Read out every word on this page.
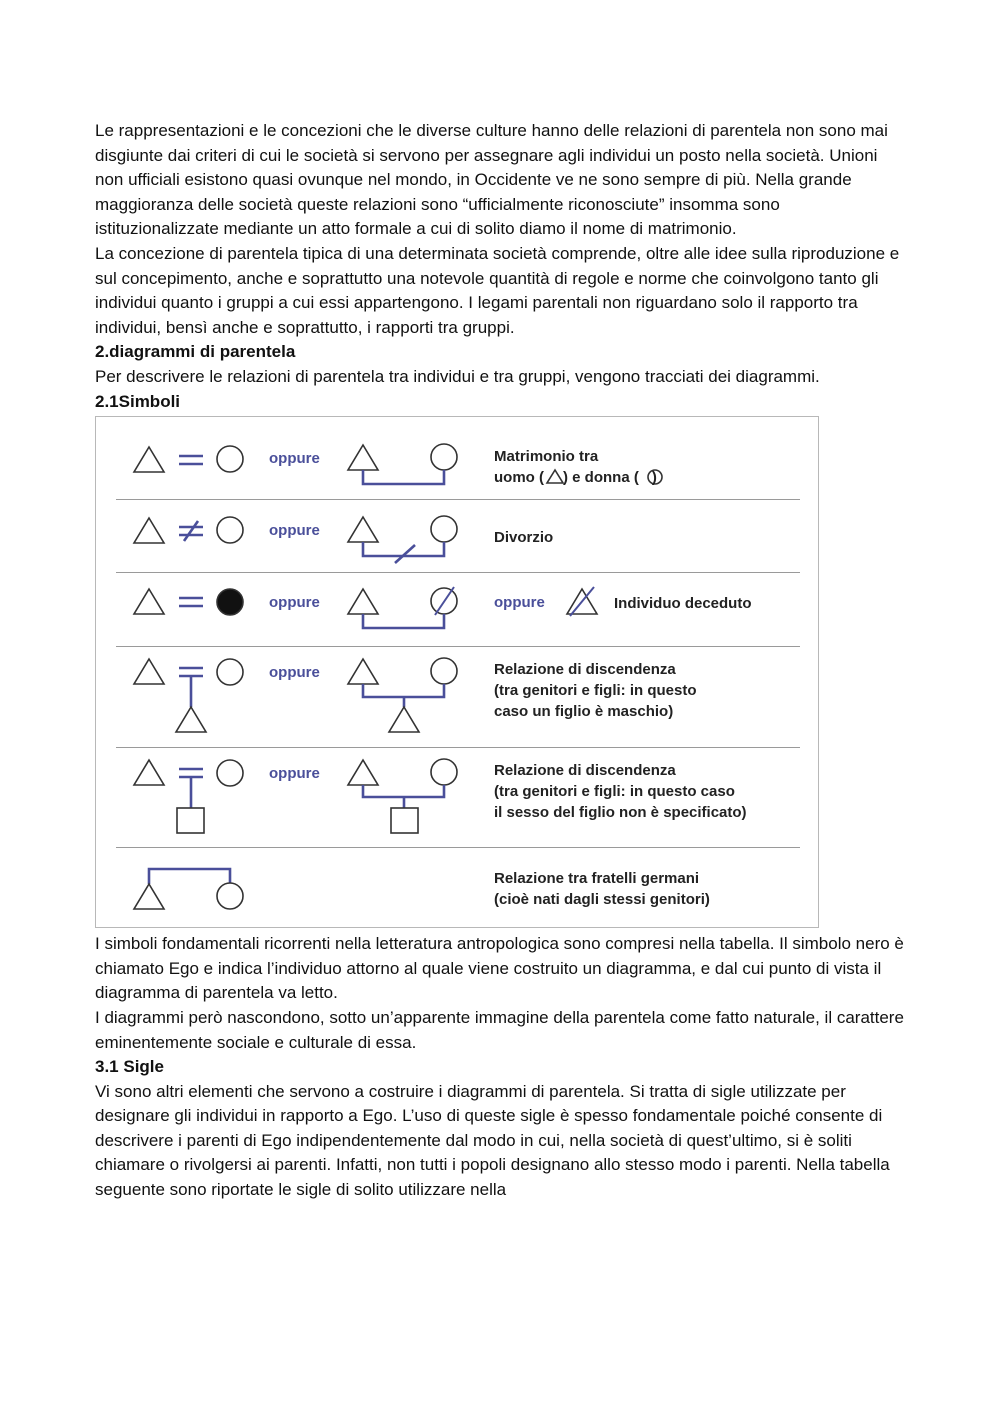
Le rappresentazioni e le concezioni che le diverse culture hanno delle relazioni di parentela non sono mai disgiunte dai criteri di cui le società si servono per assegnare agli individui un posto nella società. Unioni non ufficiali esistono quasi ovunque nel mondo, in Occidente ve ne sono sempre di più. Nella grande maggioranza delle società queste relazioni sono “ufficialmente riconosciute” insomma sono istituzionalizzate mediante un atto formale a cui di solito diamo il nome di matrimonio.

La concezione di parentela tipica di una determinata società comprende, oltre alle idee sulla riproduzione e sul concepimento, anche e soprattutto una notevole quantità di regole e norme che coinvolgono tanto gli individui quanto i gruppi a cui essi appartengono. I legami parentali non riguardano solo il rapporto tra individui, bensì anche e soprattutto, i rapporti tra gruppi.

2.diagrammi di parentela

Per descrivere le relazioni di parentela tra individui e tra gruppi, vengono tracciati dei diagrammi.

2.1Simboli
oppure
oppure
oppure
oppure
oppure
Matrimonio tra
uomo ( ) e donna ( )
Divorzio
oppure	Individuo deceduto
Relazione di discendenza
(tra genitori e figli: in questo
caso un figlio è maschio)
Relazione di discendenza
(tra genitori e figli: in questo caso
il sesso del figlio non è specificato)
Relazione tra fratelli germani
(cioè nati dagli stessi genitori)

I simboli fondamentali ricorrenti nella letteratura antropologica sono compresi nella tabella. Il simbolo nero è chiamato Ego e indica l’individuo attorno al quale viene costruito un diagramma, e dal cui punto di vista il diagramma di parentela va letto.

I diagrammi però nascondono, sotto un’apparente immagine della parentela come fatto naturale, il carattere eminentemente sociale e culturale di essa.

3.1 Sigle

Vi sono altri elementi che servono a costruire i diagrammi di parentela. Si tratta di sigle utilizzate per designare gli individui in rapporto a Ego. L’uso di queste sigle è spesso fondamentale poiché consente di descrivere i parenti di Ego indipendentemente dal modo in cui, nella società di quest’ultimo, si è soliti chiamare o rivolgersi ai parenti. Infatti, non tutti i popoli designano allo stesso modo i parenti. Nella tabella seguente sono riportate le sigle di solito utilizzare nella
